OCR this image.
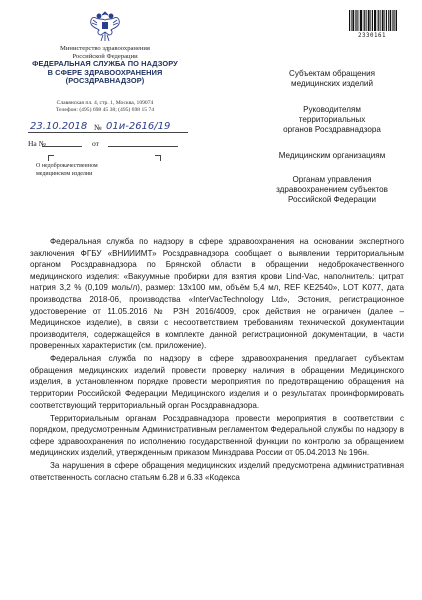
Министерство здравоохранения
Российской Федерации
ФЕДЕРАЛЬНАЯ СЛУЖБА ПО НАДЗОРУ
В СФЕРЕ ЗДРАВООХРАНЕНИЯ
(РОСЗДРАВНАДЗОР)
Славянская пл. 4, стр. 1, Москва, 109074
Телефон: (495) 698 45 38; (495) 698 15 74
23.10.2018 № 01и-2616/19
На №	от
О недоброкачественном
медицинском изделии
2330161
Субъектам обращения
медицинских изделий
Руководителям
территориальных
органов Росздравнадзора
Медицинским организациям
Органам управления
здравоохранением субъектов
Российской Федерации

Федеральная служба по надзору в сфере здравоохранения на основании экспертного заключения ФГБУ «ВНИИИМТ» Росздравнадзора сообщает о выявлении территориальным органом Росздравнадзора по Брянской области в обращении недоброкачественного медицинского изделия: «Вакуумные пробирки для взятия крови Lind-Vac, наполнитель: цитрат натрия 3,2 % (0,109 моль/л), размер: 13х100 мм, объём 5,4 мл, REF KE2540», LOT K077, дата производства 2018-06, производства «InterVacTechnology Ltd», Эстония, регистрационное удостоверение от 11.05.2016 № РЗН 2016/4009, срок действия не ограничен (далее – Медицинское изделие), в связи с несоответствием требованиям технической документации производителя, содержащейся в комплекте данной регистрационной документации, в части проверенных характеристик (см. приложение).

Федеральная служба по надзору в сфере здравоохранения предлагает субъектам обращения медицинских изделий провести проверку наличия в обращении Медицинского изделия, в установленном порядке провести мероприятия по предотвращению обращения на территории Российской Федерации Медицинского изделия и о результатах проинформировать соответствующий территориальный орган Росздравнадзора.

Территориальным органам Росздравнадзора провести мероприятия в соответствии с порядком, предусмотренным Административным регламентом Федеральной службы по надзору в сфере здравоохранения по исполнению государственной функции по контролю за обращением медицинских изделий, утвержденным приказом Минздрава России от 05.04.2013 № 196н.

За нарушения в сфере обращения медицинских изделий предусмотрена административная ответственность согласно статьям 6.28 и 6.33 «Кодекса
